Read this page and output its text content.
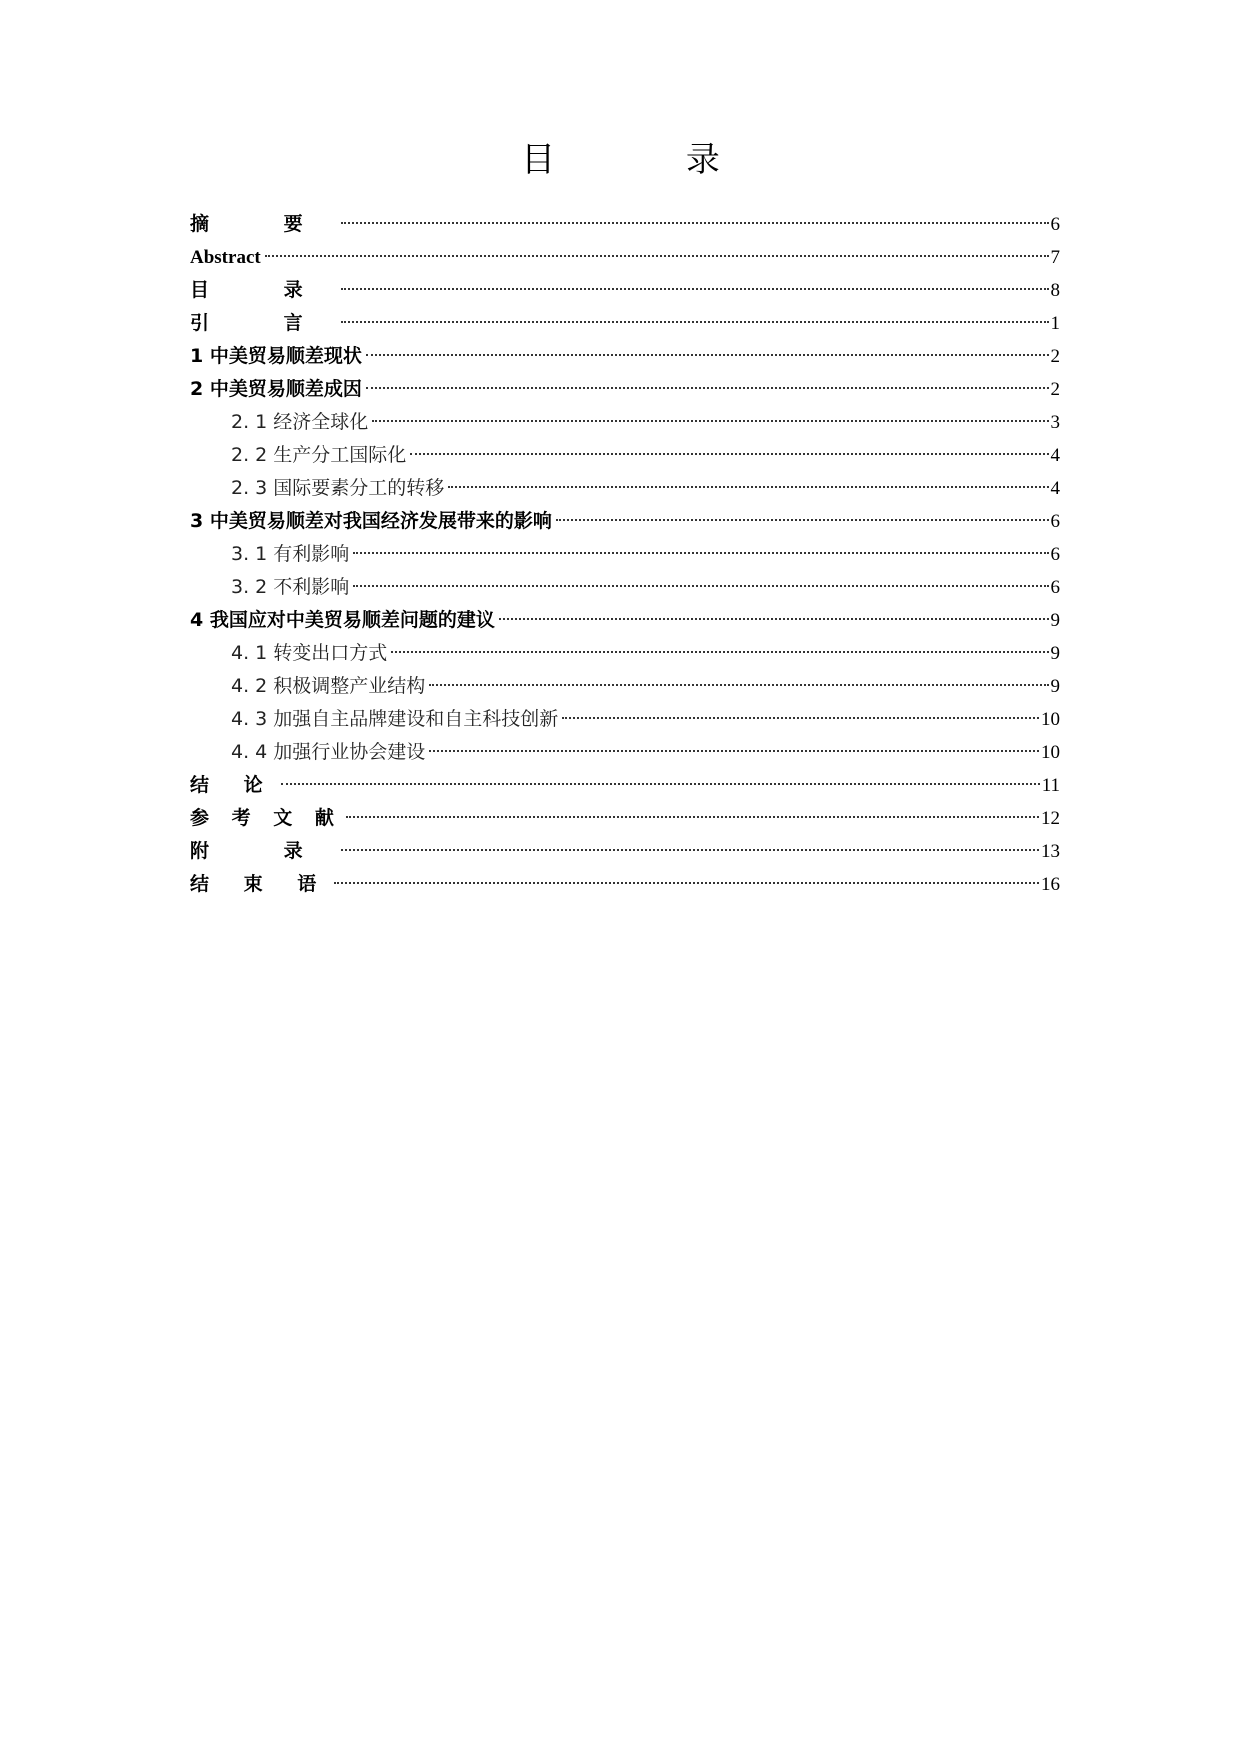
目 录
摘 要	6
Abstract	7
目 录	8
引 言	1
1 中美贸易顺差现状	2
2 中美贸易顺差成因	2
2. 1 经济全球化	3
2. 2 生产分工国际化	4
2. 3 国际要素分工的转移	4
3 中美贸易顺差对我国经济发展带来的影响	6
3. 1 有利影响	6
3. 2 不利影响	6
4 我国应对中美贸易顺差问题的建议	9
4. 1 转变出口方式	9
4. 2 积极调整产业结构	9
4. 3 加强自主品牌建设和自主科技创新	10
4. 4 加强行业协会建设	10
结 论	11
参 考 文 献	12
附 录	13
结 束 语	16
